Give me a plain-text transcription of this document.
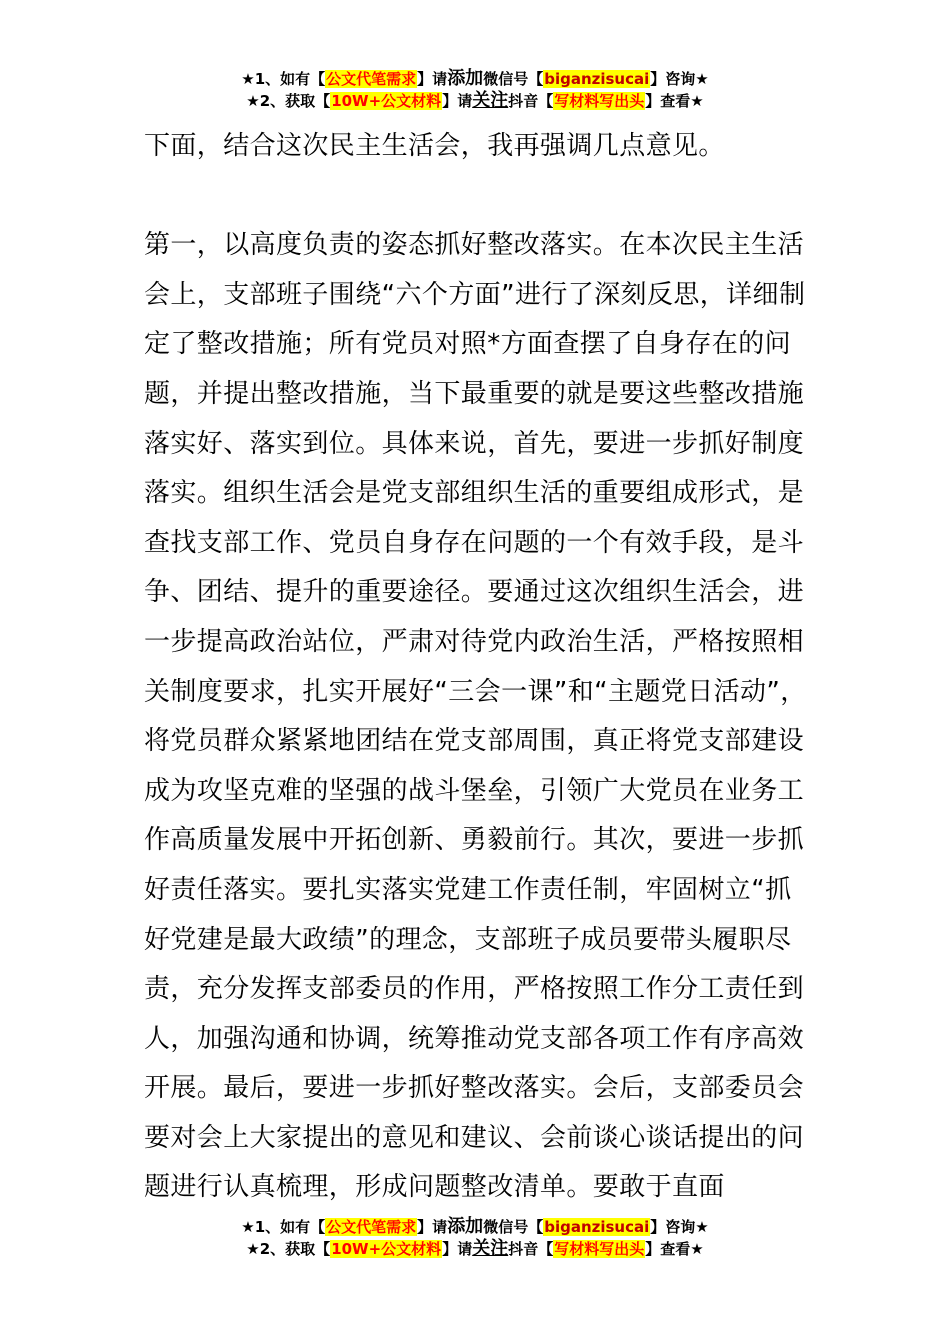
★1、如有【公文代笔需求】请添加微信号【biganzisucai】咨询★
★2、获取【10W+公文材料】请关注抖音【写材料写出头】查看★

下面，结合这次民主生活会，我再强调几点意见。

第一，以高度负责的姿态抓好整改落实。在本次民主生活会上，支部班子围绕“六个方面”进行了深刻反思，详细制定了整改措施；所有党员对照*方面查摆了自身存在的问题，并提出整改措施，当下最重要的就是要这些整改措施落实好、落实到位。具体来说，首先，要进一步抓好制度落实。组织生活会是党支部组织生活的重要组成形式，是查找支部工作、党员自身存在问题的一个有效手段，是斗争、团结、提升的重要途径。要通过这次组织生活会，进一步提高政治站位，严肃对待党内政治生活，严格按照相关制度要求，扎实开展好“三会一课”和“主题党日活动”，将党员群众紧紧地团结在党支部周围，真正将党支部建设成为攻坚克难的坚强的战斗堡垒，引领广大党员在业务工作高质量发展中开拓创新、勇毅前行。其次，要进一步抓好责任落实。要扎实落实党建工作责任制，牢固树立“抓好党建是最大政绩”的理念，支部班子成员要带头履职尽责，充分发挥支部委员的作用，严格按照工作分工责任到人，加强沟通和协调，统筹推动党支部各项工作有序高效开展。最后，要进一步抓好整改落实。会后，支部委员会要对会上大家提出的意见和建议、会前谈心谈话提出的问题进行认真梳理，形成问题整改清单。要敢于直面

★1、如有【公文代笔需求】请添加微信号【biganzisucai】咨询★
★2、获取【10W+公文材料】请关注抖音【写材料写出头】查看★
